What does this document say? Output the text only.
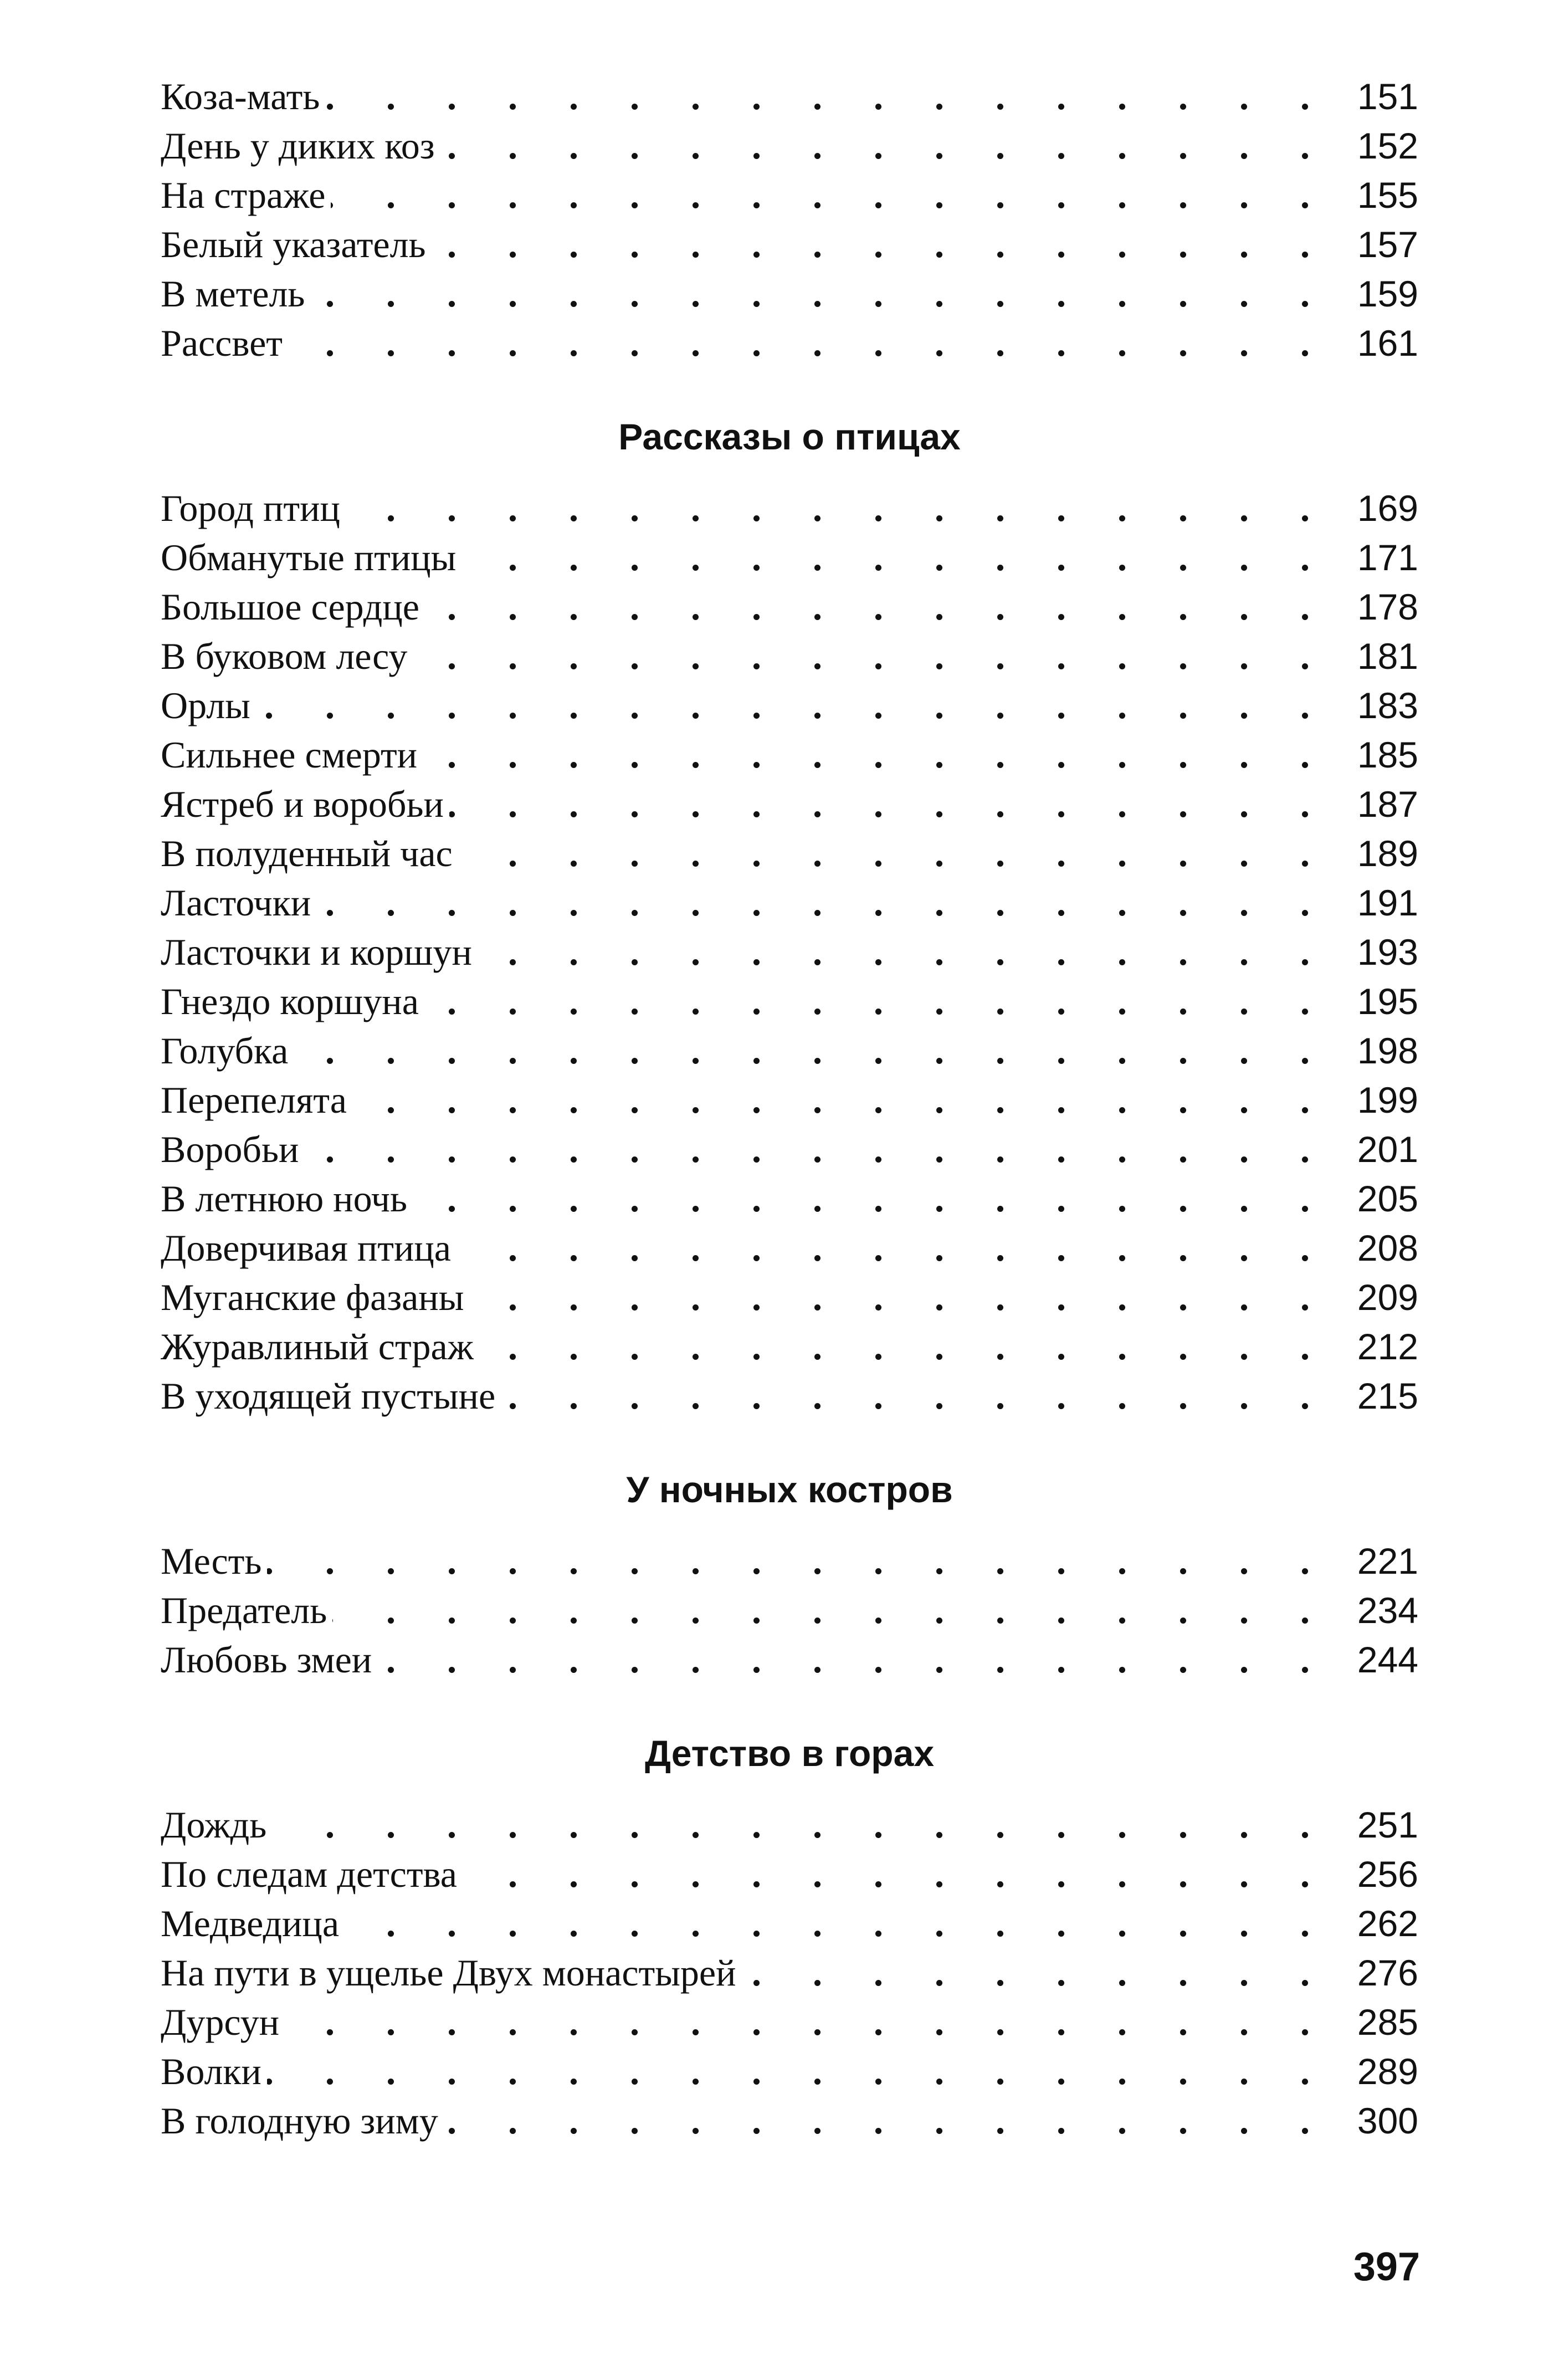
Коза-мать . . .	151
День у диких коз . . .	152
На страже . . .	155
Белый указатель . . .	157
В метель . . .	159
Рассвет . . .	161
Рассказы о птицах
Город птиц . . .	169
Обманутые птицы . . .	171
Большое сердце . . .	178
В буковом лесу . . .	181
Орлы . . .	183
Сильнее смерти . . .	185
Ястреб и воробьи . . .	187
В полуденный час . . .	189
Ласточки . . .	191
Ласточки и коршун . . .	193
Гнездо коршуна . . .	195
Голубка . . .	198
Перепелята . . .	199
Воробьи . . .	201
В летнюю ночь . . .	205
Доверчивая птица . . .	208
Муганские фазаны . . .	209
Журавлиный страж . . .	212
В уходящей пустыне . . .	215
У ночных костров
Месть . . .	221
Предатель . . .	234
Любовь змеи . . .	244
Детство в горах
Дождь . . .	251
По следам детства . . .	256
Медведица . . .	262
На пути в ущелье Двух монастырей . . .	276
Дурсун . . .	285
Волки . . .	289
В голодную зиму . . .	300
397
